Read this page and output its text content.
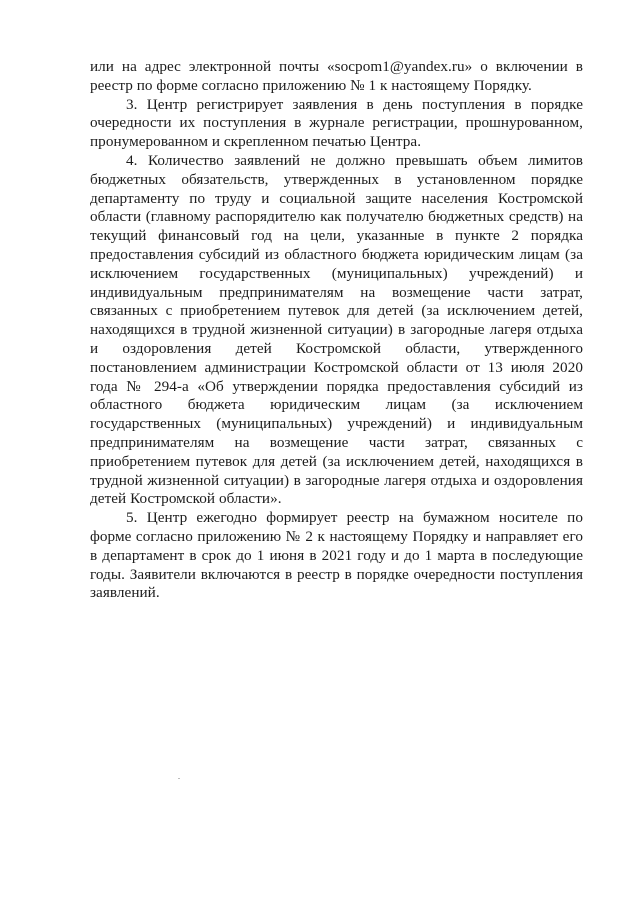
или на адрес электронной почты «socpom1@yandex.ru» о включении в реестр по форме согласно приложению № 1 к настоящему Порядку.

3. Центр регистрирует заявления в день поступления в порядке очередности их поступления в журнале регистрации, прошнурованном, пронумерованном и скрепленном печатью Центра.

4. Количество заявлений не должно превышать объем лимитов бюджетных обязательств, утвержденных в установленном порядке департаменту по труду и социальной защите населения Костромской области (главному распорядителю как получателю бюджетных средств) на текущий финансовый год на цели, указанные в пункте 2 порядка предоставления субсидий из областного бюджета юридическим лицам (за исключением государственных (муниципальных) учреждений) и индивидуальным предпринимателям на возмещение части затрат, связанных с приобретением путевок для детей (за исключением детей, находящихся в трудной жизненной ситуации) в загородные лагеря отдыха и оздоровления детей Костромской области, утвержденного постановлением администрации Костромской области от 13 июля 2020 года № 294-а «Об утверждении порядка предоставления субсидий из областного бюджета юридическим лицам (за исключением государственных (муниципальных) учреждений) и индивидуальным предпринимателям на возмещение части затрат, связанных с приобретением путевок для детей (за исключением детей, находящихся в трудной жизненной ситуации) в загородные лагеря отдыха и оздоровления детей Костромской области».

5. Центр ежегодно формирует реестр на бумажном носителе по форме согласно приложению № 2 к настоящему Порядку и направляет его в департамент в срок до 1 июня в 2021 году и до 1 марта в последующие годы. Заявители включаются в реестр в порядке очередности поступления заявлений.
